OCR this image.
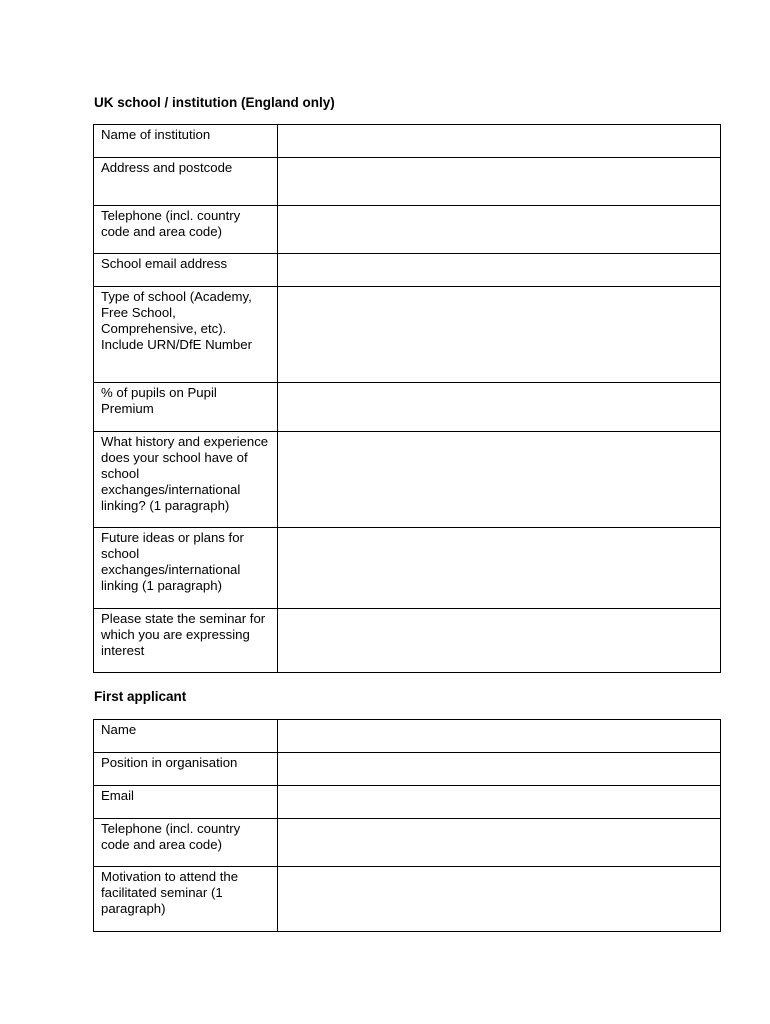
UK school / institution (England only)
Name of institution	

Address and postcode	

Telephone (incl. country code and area code)	

School email address	

Type of school (Academy, Free School, Comprehensive, etc). Include URN/DfE Number	

% of pupils on Pupil Premium	

What history and experience does your school have of school exchanges/international linking? (1 paragraph)	

Future ideas or plans for school exchanges/international linking (1 paragraph)	

Please state the seminar for which you are expressing interest	
First applicant
Name	

Position in organisation	

Email	

Telephone (incl. country code and area code)	

Motivation to attend the facilitated seminar (1 paragraph)	
